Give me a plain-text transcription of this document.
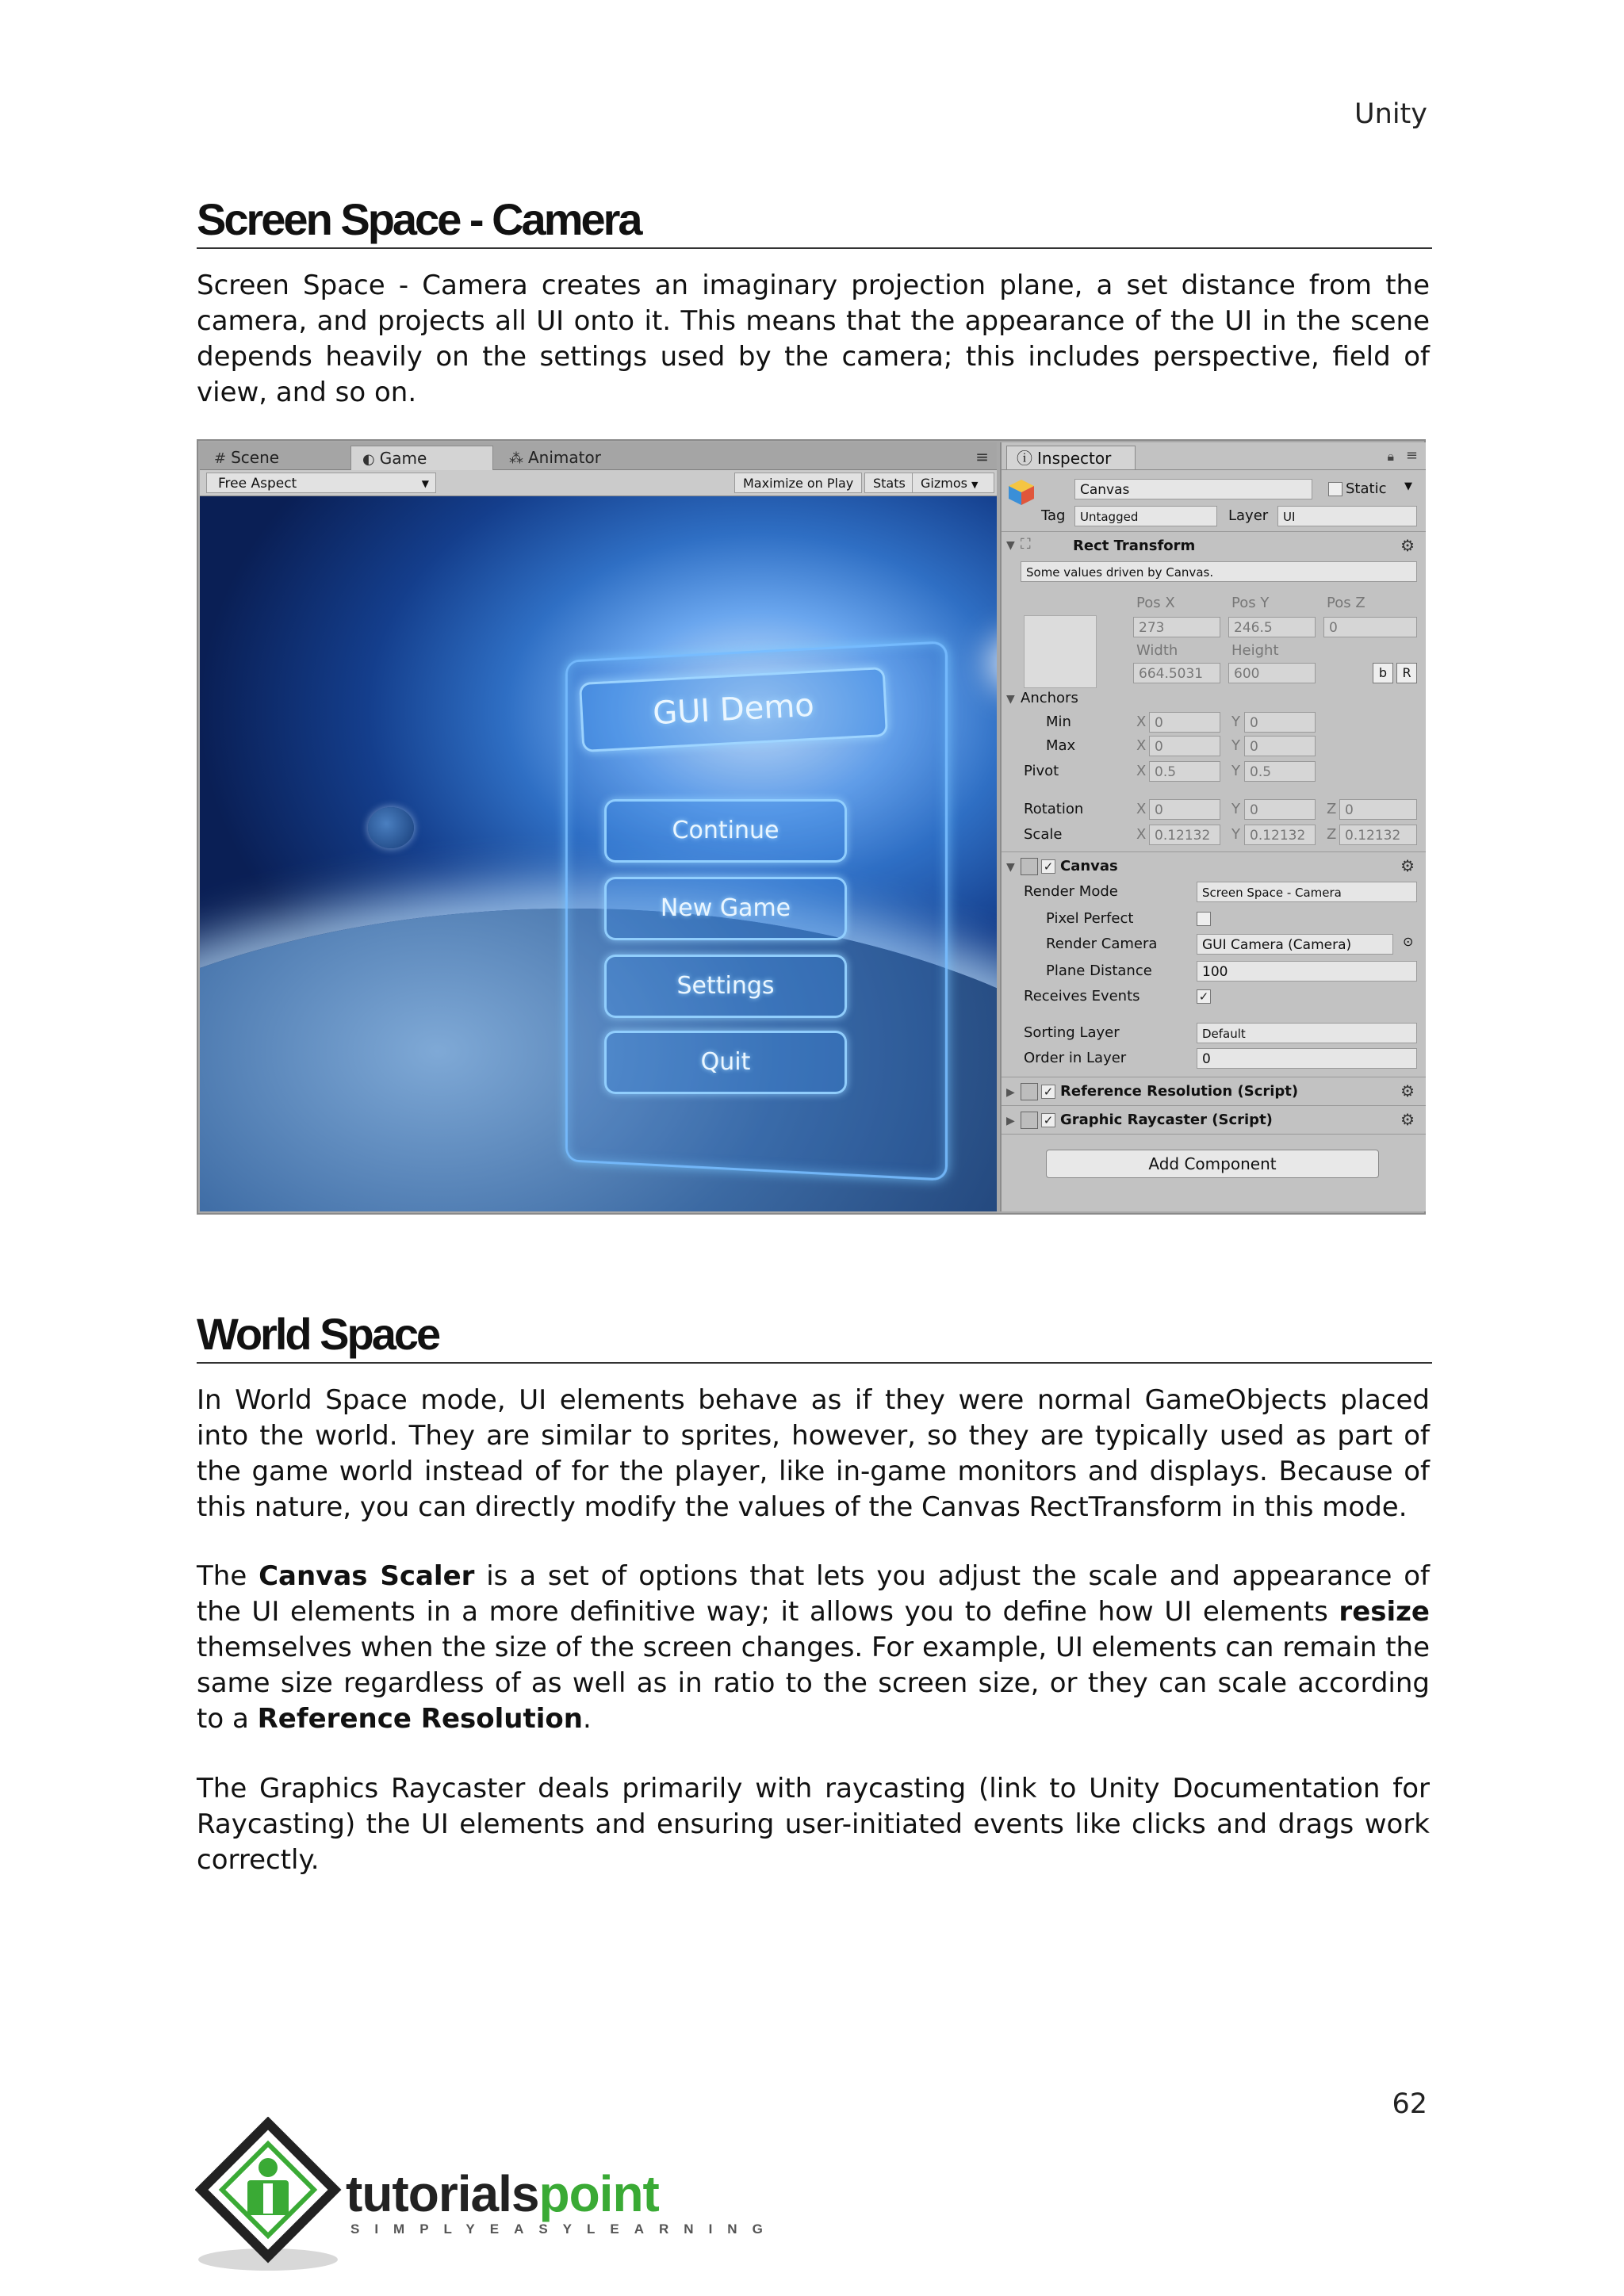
Unity
Screen Space - Camera

Screen Space - Camera creates an imaginary projection plane, a set distance from the camera, and projects all UI onto it. This means that the appearance of the UI in the scene depends heavily on the settings used by the camera; this includes perspective, field of view, and so on.

# Scene	◐ Game	⁂ Animator	≡
Free Aspect	▼	Maximize on Play	Stats	Gizmos ▼
GUI Demo
Continue
New Game
Settings
Quit
ⓘ Inspector	🔒︎ ≡
Canvas	Static ▼
Tag	Untagged	Layer	UI
▼ ⛶	Rect Transform	⚙
Some values driven by Canvas.
Pos X	Pos Y	Pos Z
273	246.5	0
Width	Height
664.5031	600	b	R
▼ Anchors
Min	X 0	Y 0
Max	X 0	Y 0
Pivot	X 0.5	Y 0.5
Rotation	X 0	Y 0	Z 0
Scale	X 0.12132	Y 0.12132	Z 0.12132
▼ ✓ Canvas	⚙
Render Mode	Screen Space - Camera
Pixel Perfect
Render Camera	GUI Camera (Camera)	⊙
Plane Distance	100
Receives Events	✓
Sorting Layer	Default
Order in Layer	0
▶ ✓ Reference Resolution (Script)	⚙
▶ ✓ Graphic Raycaster (Script)	⚙
Add Component
World Space

In World Space mode, UI elements behave as if they were normal GameObjects placed into the world. They are similar to sprites, however, so they are typically used as part of the game world instead of for the player, like in-game monitors and displays. Because of this nature, you can directly modify the values of the Canvas RectTransform in this mode.

The Canvas Scaler is a set of options that lets you adjust the scale and appearance of the UI elements in a more definitive way; it allows you to define how UI elements resize themselves when the size of the screen changes. For example, UI elements can remain the same size regardless of as well as in ratio to the screen size, or they can scale according to a Reference Resolution.

The Graphics Raycaster deals primarily with raycasting (link to Unity Documentation for Raycasting) the UI elements and ensuring user-initiated events like clicks and drags work correctly.

62
tutorialspoint
SIMPLYEASYLEARNING
